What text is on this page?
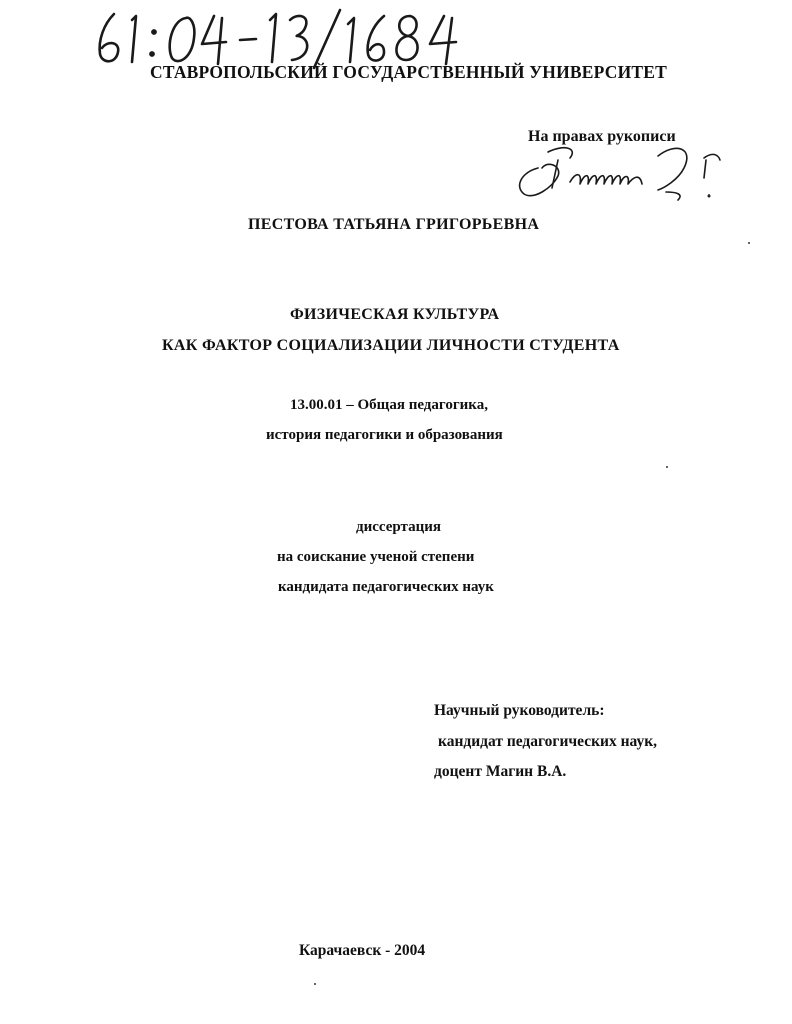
СТАВРОПОЛЬСКИЙ ГОСУДАРСТВЕННЫЙ УНИВЕРСИТЕТ
На правах рукописи
ПЕСТОВА ТАТЬЯНА ГРИГОРЬЕВНА
ФИЗИЧЕСКАЯ КУЛЬТУРА
КАК ФАКТОР СОЦИАЛИЗАЦИИ ЛИЧНОСТИ СТУДЕНТА
13.00.01 – Общая педагогика,
история педагогики и образования
диссертация
на соискание ученой степени
кандидата педагогических наук
Научный руководитель:
кандидат педагогических наук,
доцент Магин В.А.
Карачаевск - 2004
